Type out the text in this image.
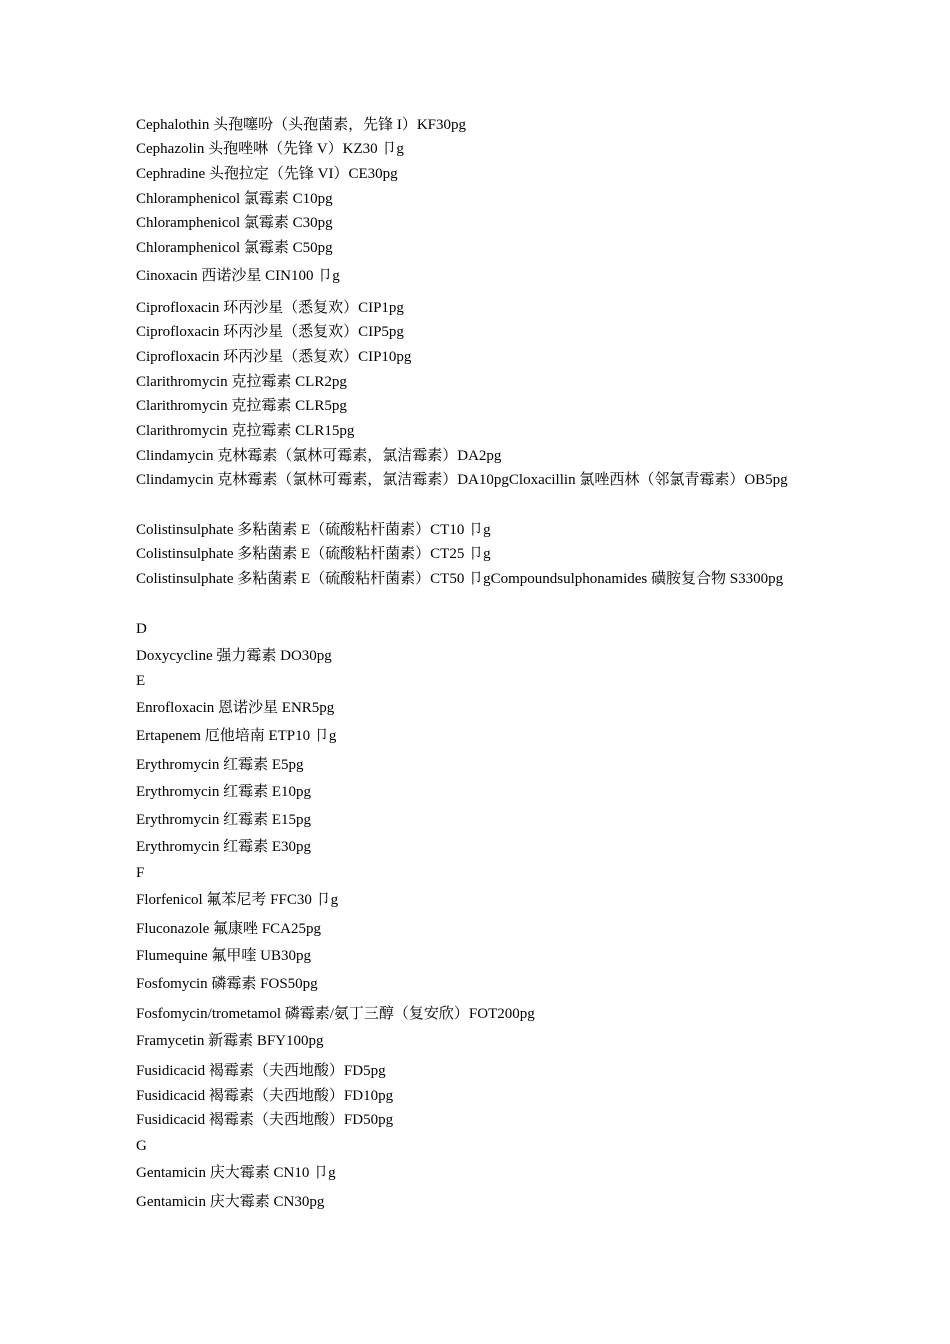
Cephalothin 头孢噻吩（头孢菌素，先锋 I）KF30pg
Cephazolin 头孢唑啉（先锋 V）KZ30 卩g
Cephradine 头孢拉定（先锋 VI）CE30pg
Chloramphenicol 氯霉素 C10pg
Chloramphenicol 氯霉素 C30pg
Chloramphenicol 氯霉素 C50pg
Cinoxacin 西诺沙星 CIN100 卩g
Ciprofloxacin 环丙沙星（悉复欢）CIP1pg
Ciprofloxacin 环丙沙星（悉复欢）CIP5pg
Ciprofloxacin 环丙沙星（悉复欢）CIP10pg
Clarithromycin 克拉霉素 CLR2pg
Clarithromycin 克拉霉素 CLR5pg
Clarithromycin 克拉霉素 CLR15pg
Clindamycin 克林霉素（氯林可霉素，氯洁霉素）DA2pg
Clindamycin 克林霉素（氯林可霉素，氯洁霉素）DA10pgCloxacillin 氯唑西林（邻氯青霉素）OB5pg
Colistinsulphate 多粘菌素 E（硫酸粘杆菌素）CT10 卩g
Colistinsulphate 多粘菌素 E（硫酸粘杆菌素）CT25 卩g
Colistinsulphate 多粘菌素 E（硫酸粘杆菌素）CT50 卩gCompoundsulphonamides 磺胺复合物 S3300pg
D
Doxycycline 强力霉素 DO30pg
E
Enrofloxacin 恩诺沙星 ENR5pg
Ertapenem 厄他培南 ETP10 卩g
Erythromycin 红霉素 E5pg
Erythromycin 红霉素 E10pg
Erythromycin 红霉素 E15pg
Erythromycin 红霉素 E30pg
F
Florfenicol 氟苯尼考 FFC30 卩g
Fluconazole 氟康唑 FCA25pg
Flumequine 氟甲喹 UB30pg
Fosfomycin 磷霉素 FOS50pg
Fosfomycin/trometamol 磷霉素/氨丁三醇（复安欣）FOT200pg
Framycetin 新霉素 BFY100pg
Fusidicacid 褐霉素（夫西地酸）FD5pg
Fusidicacid 褐霉素（夫西地酸）FD10pg
Fusidicacid 褐霉素（夫西地酸）FD50pg
G
Gentamicin 庆大霉素 CN10 卩g
Gentamicin 庆大霉素 CN30pg
